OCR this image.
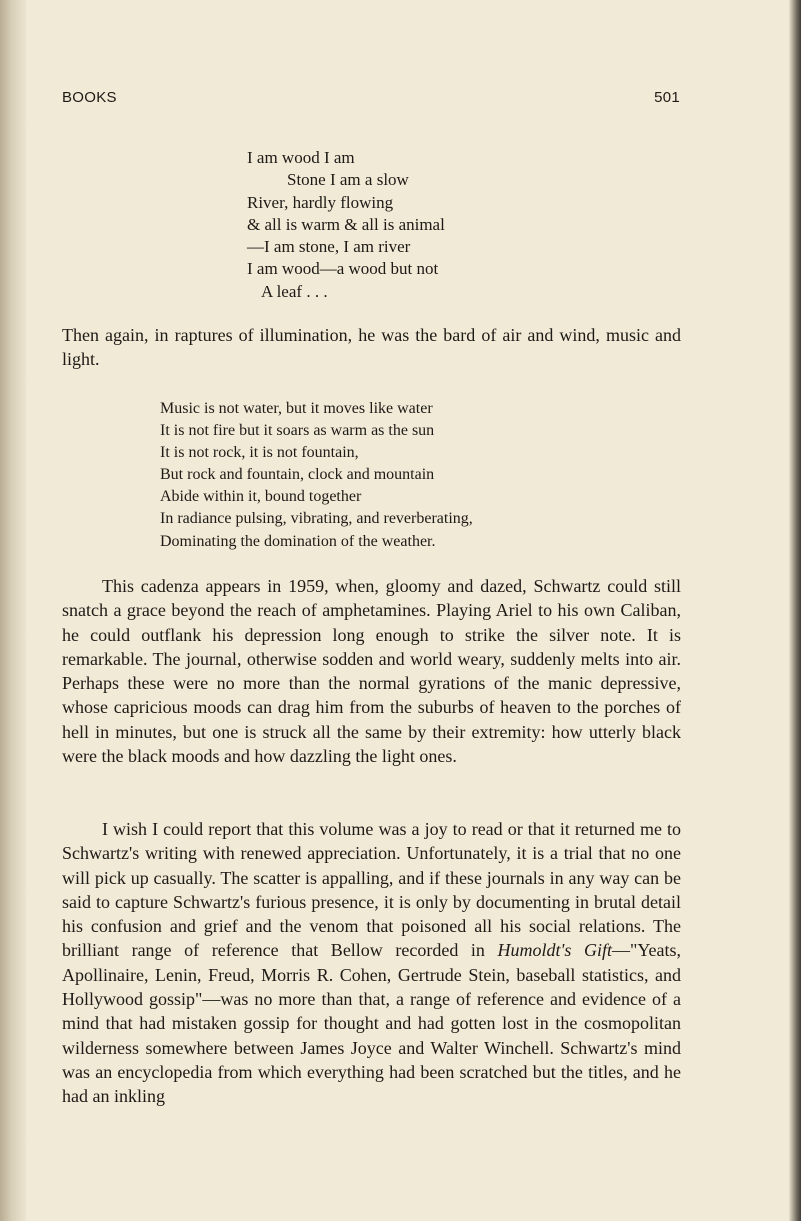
BOOKS	501
I am wood I am
Stone I am a slow
River, hardly flowing
& all is warm & all is animal
—I am stone, I am river
I am wood—a wood but not
A leaf . . .

Then again, in raptures of illumination, he was the bard of air and wind, music and light.

Music is not water, but it moves like water
It is not fire but it soars as warm as the sun
It is not rock, it is not fountain,
But rock and fountain, clock and mountain
Abide within it, bound together
In radiance pulsing, vibrating, and reverberating,
Dominating the domination of the weather.

This cadenza appears in 1959, when, gloomy and dazed, Schwartz could still snatch a grace beyond the reach of amphetamines. Playing Ariel to his own Caliban, he could outflank his depression long enough to strike the silver note. It is remarkable. The journal, otherwise sodden and world weary, suddenly melts into air. Perhaps these were no more than the normal gyrations of the manic depressive, whose capricious moods can drag him from the suburbs of heaven to the porches of hell in minutes, but one is struck all the same by their extremity: how utterly black were the black moods and how dazzling the light ones.

I wish I could report that this volume was a joy to read or that it returned me to Schwartz's writing with renewed appreciation. Unfortunately, it is a trial that no one will pick up casually. The scatter is appalling, and if these journals in any way can be said to capture Schwartz's furious presence, it is only by documenting in brutal detail his confusion and grief and the venom that poisoned all his social relations. The brilliant range of reference that Bellow recorded in Humoldt's Gift—"Yeats, Apollinaire, Lenin, Freud, Morris R. Cohen, Gertrude Stein, baseball statistics, and Hollywood gossip"—was no more than that, a range of reference and evidence of a mind that had mistaken gossip for thought and had gotten lost in the cosmopolitan wilderness somewhere between James Joyce and Walter Winchell. Schwartz's mind was an encyclopedia from which everything had been scratched but the titles, and he had an inkling
